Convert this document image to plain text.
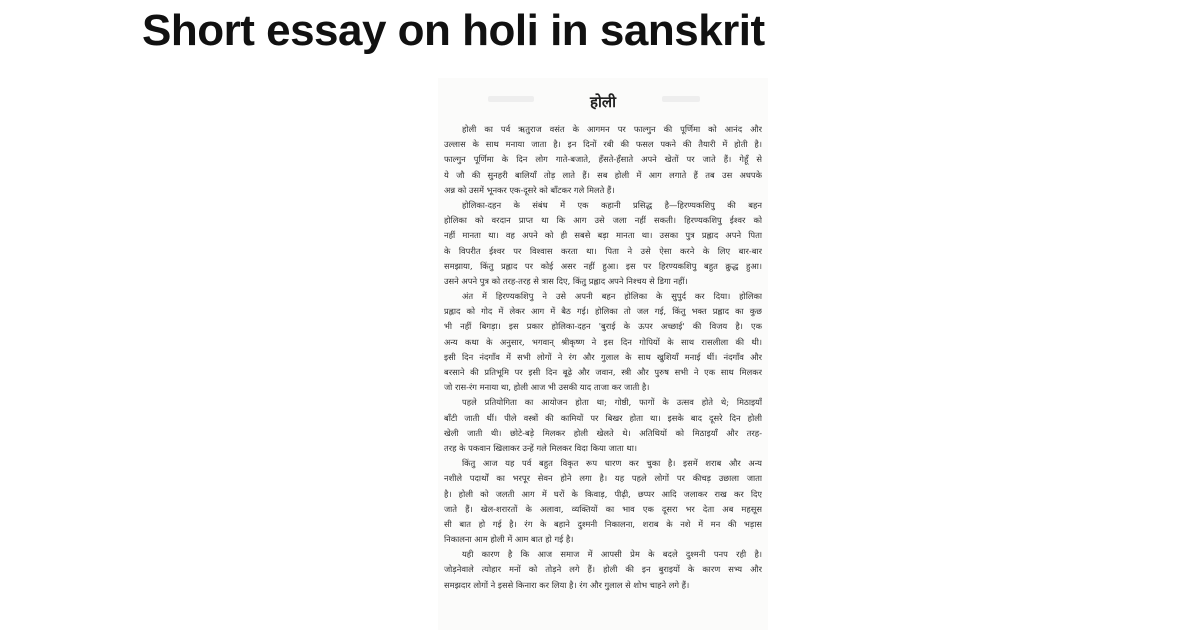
Short essay on holi in sanskrit
होली
होली का पर्व ऋतुराज वसंत के आगमन पर फाल्गुन की पूर्णिमा को आनंद और
उल्लास के साथ मनाया जाता है। इन दिनों रबी की फसल पकने की तैयारी में होती है।
फाल्गुन पूर्णिमा के दिन लोग गाते-बजाते, हँसते-हँसाते अपने खेतों पर जाते हैं। गेहूँ से
ये जौ की सुनहरी बालियाँ तोड़ लाते हैं। सब होली में आग लगाते हैं तब उस अधपके
अन्न को उसमें भूनकर एक-दूसरे को बाँटकर गले मिलते हैं।
होलिका-दहन के संबंध में एक कहानी प्रसिद्ध है—हिरण्यकशिपु की बहन
होलिका को वरदान प्राप्त था कि आग उसे जला नहीं सकती। हिरण्यकशिपु ईश्वर को
नहीं मानता था। वह अपने को ही सबसे बड़ा मानता था। उसका पुत्र प्रह्लाद अपने पिता
के विपरीत ईश्वर पर विश्वास करता था। पिता ने उसे ऐसा करने के लिए बार-बार
समझाया, किंतु प्रह्लाद पर कोई असर नहीं हुआ। इस पर हिरण्यकशिपु बहुत क्रुद्ध हुआ।
उसने अपने पुत्र को तरह-तरह से त्रास दिए, किंतु प्रह्लाद अपने निश्चय से डिगा नहीं।
अंत में हिरण्यकशिपु ने उसे अपनी बहन होलिका के सुपुर्द कर दिया। होलिका
प्रह्लाद को गोद में लेकर आग में बैठ गई। होलिका तो जल गई, किंतु भक्त प्रह्लाद का कुछ
भी नहीं बिगड़ा। इस प्रकार होलिका-दहन 'बुराई के ऊपर अच्छाई' की विजय है। एक
अन्य कथा के अनुसार, भगवान् श्रीकृष्ण ने इस दिन गोपियों के साथ रासलीला की थी।
इसी दिन नंदगाँव में सभी लोगों ने रंग और गुलाल के साथ खुशियाँ मनाई थीं। नंदगाँव और
बरसाने की प्रतिभूमि पर इसी दिन बूढ़े और जवान, स्त्री और पुरुष सभी ने एक साथ मिलकर
जो रास-रंग मनाया था, होली आज भी उसकी याद ताजा कर जाती है।
पहले प्रतियोगिता का आयोजन होता था; गोष्ठी, फागों के उत्सव होते थे; मिठाइयाँ
बाँटी जाती थीं। पीले वस्त्रों की कामियों पर बिखर होता था। इसके बाद दूसरे दिन होली
खेली जाती थी। छोटे-बड़े मिलकर होली खेलते थे। अतिथियों को मिठाइयाँ और तरह-
तरह के पकवान खिलाकर उन्हें गले मिलकर विदा किया जाता था।
किंतु आज यह पर्व बहुत विकृत रूप धारण कर चुका है। इसमें शराब और अन्य
नशीले पदार्थों का भरपूर सेवन होने लगा है। यह पहले लोगों पर कीचड़ उछाला जाता
है। होली को जलती आग में घरों के किवाड़, पीढ़ी, छप्पर आदि जलाकर राख कर दिए
जाते हैं। खेल-शरारतों के अलावा, व्यक्तियों का भाव एक दूसरा भर देता अब महसूस
सी बात हो गई है। रंग के बहाने दुश्मनी निकालना, शराब के नशे में मन की भड़ास
निकालना आम होली में आम बात हो गई है।
यही कारण है कि आज समाज में आपसी प्रेम के बदले दुश्मनी पनप रही है।
जोड़नेवाले त्योहार मनों को तोड़ने लगे हैं। होली की इन बुराइयों के कारण सभ्य और
समझदार लोगों ने इससे किनारा कर लिया है। रंग और गुलाल से शोभ चाहने लगे हैं।
